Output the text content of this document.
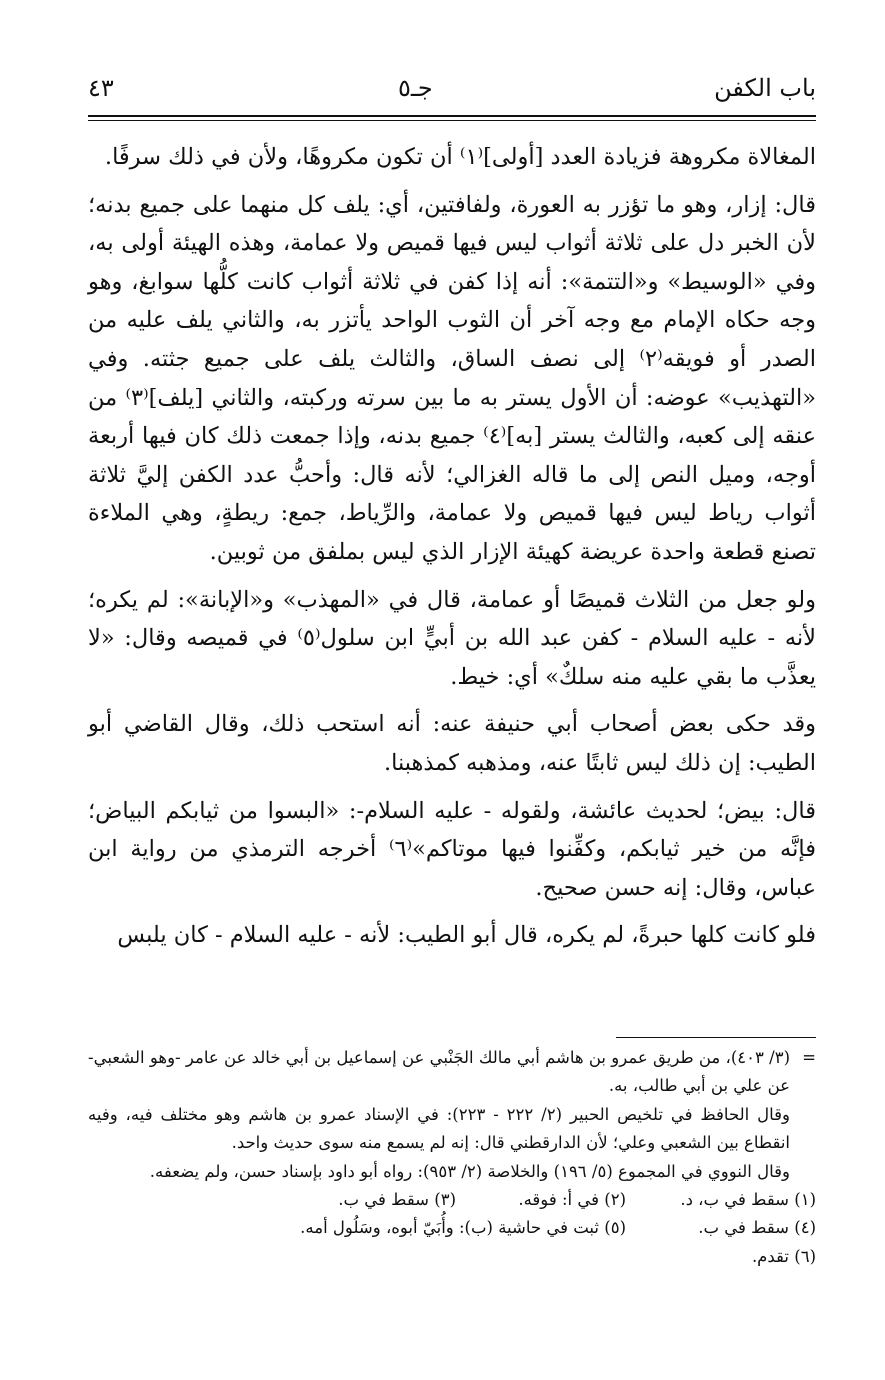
باب الكفن
جـ٥
٤٣

المغالاة مكروهة فزيادة العدد [أولى]⁽١⁾ أن تكون مكروهًا، ولأن في ذلك سرفًا.

قال: إزار، وهو ما تؤزر به العورة، ولفافتين، أي: يلف كل منهما على جميع بدنه؛ لأن الخبر دل على ثلاثة أثواب ليس فيها قميص ولا عمامة، وهذه الهيئة أولى به، وفي «الوسيط» و«التتمة»: أنه إذا كفن في ثلاثة أثواب كانت كلُّها سوابغ، وهو وجه حكاه الإمام مع وجه آخر أن الثوب الواحد يأتزر به، والثاني يلف عليه من الصدر أو فويقه⁽٢⁾ إلى نصف الساق، والثالث يلف على جميع جثته. وفي «التهذيب» عوضه: أن الأول يستر به ما بين سرته وركبته، والثاني [يلف]⁽٣⁾ من عنقه إلى كعبه، والثالث يستر [به]⁽٤⁾ جميع بدنه، وإذا جمعت ذلك كان فيها أربعة أوجه، وميل النص إلى ما قاله الغزالي؛ لأنه قال: وأحبُّ عدد الكفن إليَّ ثلاثة أثواب رياط ليس فيها قميص ولا عمامة، والرِّياط، جمع: ريطةٍ، وهي الملاءة تصنع قطعة واحدة عريضة كهيئة الإزار الذي ليس بملفق من ثوبين.

ولو جعل من الثلاث قميصًا أو عمامة، قال في «المهذب» و«الإبانة»: لم يكره؛ لأنه - عليه السلام - كفن عبد الله بن أبيٍّ ابن سلول⁽٥⁾ في قميصه وقال: «لا يعذَّب ما بقي عليه منه سلكٌ» أي: خيط.

وقد حكى بعض أصحاب أبي حنيفة عنه: أنه استحب ذلك، وقال القاضي أبو الطيب: إن ذلك ليس ثابتًا عنه، ومذهبه كمذهبنا.

قال: بيض؛ لحديث عائشة، ولقوله - عليه السلام-: «البسوا من ثيابكم البياض؛ فإنَّه من خير ثيابكم، وكفِّنوا فيها موتاكم»⁽٦⁾ أخرجه الترمذي من رواية ابن عباس، وقال: إنه حسن صحيح.

فلو كانت كلها حبرةً، لم يكره، قال أبو الطيب: لأنه - عليه السلام - كان يلبس

=

(٣/ ٤٠٣)، من طريق عمرو بن هاشم أبي مالك الجَنْبي عن إسماعيل بن أبي خالد عن عامر -وهو الشعبي- عن علي بن أبي طالب، به.

وقال الحافظ في تلخيص الحبير (٢/ ٢٢٢ - ٢٢٣): في الإسناد عمرو بن هاشم وهو مختلف فيه، وفيه انقطاع بين الشعبي وعلي؛ لأن الدارقطني قال: إنه لم يسمع منه سوى حديث واحد.

وقال النووي في المجموع (٥/ ١٩٦) والخلاصة (٢/ ٩٥٣): رواه أبو داود بإسناد حسن، ولم يضعفه.

(١) سقط في ب، د.
(٢) في أ: فوقه.
(٣) سقط في ب.
(٤) سقط في ب.
(٥) ثبت في حاشية (ب): وأُبَيّ أبوه، وسَلُول أمه.
(٦) تقدم.
